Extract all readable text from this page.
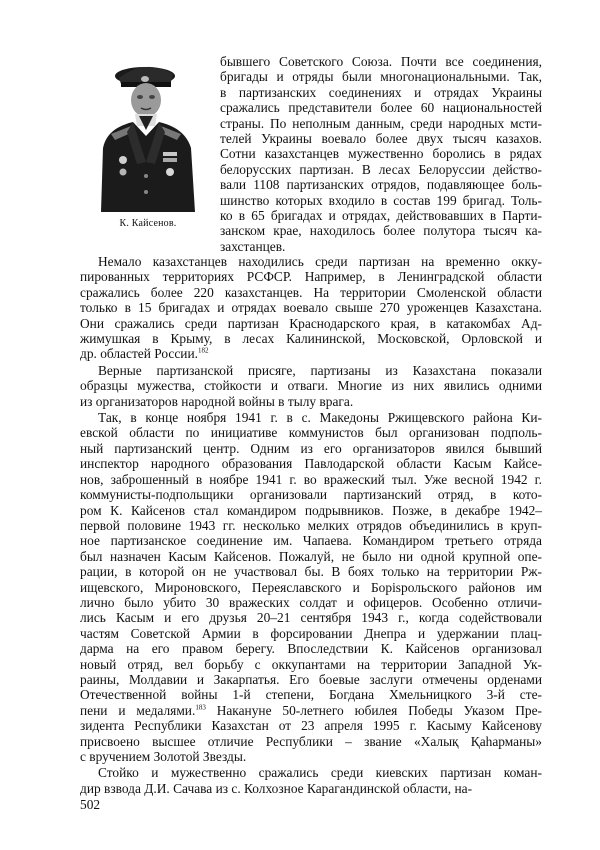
К. Кайсенов.

бывшего Советского Союза. Почти все соединения,

бригады и отряды были многонациональными. Так,

в партизанских соединениях и отрядах Украины

сражались представители более 60 национальностей

страны. По неполным данным, среди народных мсти-

телей Украины воевало более двух тысяч казахов.

Сотни казахстанцев мужественно боролись в рядах

белорусских партизан. В лесах Белоруссии действо-

вали 1108 партизанских отрядов, подавляющее боль-

шинство которых входило в состав 199 бригад. Толь-

ко в 65 бригадах и отрядах, действовавших в Парти-

занском крае, находилось более полутора тысяч ка-

захстанцев.

Немало казахстанцев находились среди партизан на временно окку-

пированных территориях РСФСР. Например, в Ленинградской области

сражались более 220 казахстанцев. На территории Смоленской области

только в 15 бригадах и отрядах воевало свыше 270 уроженцев Казахстана.

Они сражались среди партизан Краснодарского края, в катакомбах Ад-

жимушкая в Крыму, в лесах Калининской, Московской, Орловской и

др. областей России.$^{182}$

Верные партизанской присяге, партизаны из Казахстана показали

образцы мужества, стойкости и отваги. Многие из них явились одними

из организаторов народной войны в тылу врага.

Так, в конце ноября 1941 г. в с. Македоны Ржищевского района Ки-

евской области по инициативе коммунистов был организован подполь-

ный партизанский центр. Одним из его организаторов явился бывший

инспектор народного образования Павлодарской области Касым Кайсе-

нов, заброшенный в ноябре 1941 г. во вражеский тыл. Уже весной 1942 г.

коммунисты-подпольщики организовали партизанский отряд, в кото-

ром К. Кайсенов стал командиром подрывников. Позже, в декабре 1942–

первой половине 1943 гг. несколько мелких отрядов объединились в круп-

ное партизанское соединение им. Чапаева. Командиром третьего отряда

был назначен Касым Кайсенов. Пожалуй, не было ни одной крупной опе-

рации, в которой он не участвовал бы. В боях только на территории Рж-

ищевского, Мироновского, Переяславского и Борispольского районов им

лично было убито 30 вражеских солдат и офицеров. Особенно отличи-

лись Касым и его друзья 20–21 сентября 1943 г., когда содействовали

частям Советской Армии в форсировании Днепра и удержании плац-

дарма на его правом берегу. Впоследствии К. Кайсенов организовал

новый отряд, вел борьбу с оккупантами на территории Западной Ук-

раины, Молдавии и Закарпатья. Его боевые заслуги отмечены орденами

Отечественной войны 1-й степени, Богдана Хмельницкого 3-й сте-

пени и медалями.$^{183}$ Накануне 50-летнего юбилея Победы Указом Пре-

зидента Республики Казахстан от 23 апреля 1995 г. Касыму Кайсенову

присвоено высшее отличие Республики – звание «Халық Қаһарманы»

с вручением Золотой Звезды.

Стойко и мужественно сражались среди киевских партизан коман-

дир взвода Д.И. Сачава из с. Колхозное Карагандинской области, на-

502
